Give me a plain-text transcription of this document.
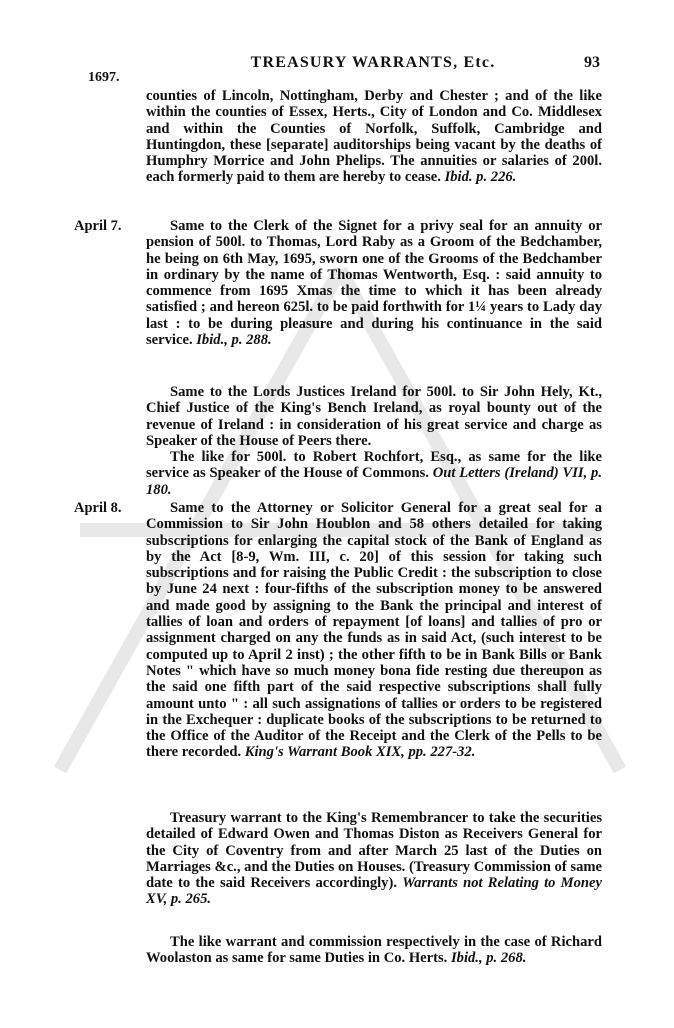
TREASURY WARRANTS, Etc.	93
1697.

counties of Lincoln, Nottingham, Derby and Chester ; and of the like within the counties of Essex, Herts., City of London and Co. Middlesex and within the Counties of Norfolk, Suffolk, Cambridge and Huntingdon, these [separate] auditorships being vacant by the deaths of Humphry Morrice and John Phelips. The annuities or salaries of 200l. each formerly paid to them are hereby to cease. Ibid. p. 226.

April 7.	Same to the Clerk of the Signet for a privy seal for an annuity or pension of 500l. to Thomas, Lord Raby as a Groom of the Bedchamber, he being on 6th May, 1695, sworn one of the Grooms of the Bedchamber in ordinary by the name of Thomas Wentworth, Esq. : said annuity to commence from 1695 Xmas the time to which it has been already satisfied ; and hereon 625l. to be paid forthwith for 1¼ years to Lady day last : to be during pleasure and during his continuance in the said service. Ibid., p. 288.

Same to the Lords Justices Ireland for 500l. to Sir John Hely, Kt., Chief Justice of the King's Bench Ireland, as royal bounty out of the revenue of Ireland : in consideration of his great service and charge as Speaker of the House of Peers there.

The like for 500l. to Robert Rochfort, Esq., as same for the like service as Speaker of the House of Commons. Out Letters (Ireland) VII, p. 180.

April 8.	Same to the Attorney or Solicitor General for a great seal for a Commission to Sir John Houblon and 58 others detailed for taking subscriptions for enlarging the capital stock of the Bank of England as by the Act [8-9, Wm. III, c. 20] of this session for taking such subscriptions and for raising the Public Credit : the subscription to close by June 24 next : four-fifths of the subscription money to be answered and made good by assigning to the Bank the principal and interest of tallies of loan and orders of repayment [of loans] and tallies of pro or assignment charged on any the funds as in said Act, (such interest to be computed up to April 2 inst) ; the other fifth to be in Bank Bills or Bank Notes " which have so much money bona fide resting due thereupon as the said one fifth part of the said respective subscriptions shall fully amount unto " : all such assignations of tallies or orders to be registered in the Exchequer : duplicate books of the subscriptions to be returned to the Office of the Auditor of the Receipt and the Clerk of the Pells to be there recorded. King's Warrant Book XIX, pp. 227-32.

Treasury warrant to the King's Remembrancer to take the securities detailed of Edward Owen and Thomas Diston as Receivers General for the City of Coventry from and after March 25 last of the Duties on Marriages &c., and the Duties on Houses. (Treasury Commission of same date to the said Receivers accordingly). Warrants not Relating to Money XV, p. 265.

The like warrant and commission respectively in the case of Richard Woolaston as same for same Duties in Co. Herts. Ibid., p. 268.
